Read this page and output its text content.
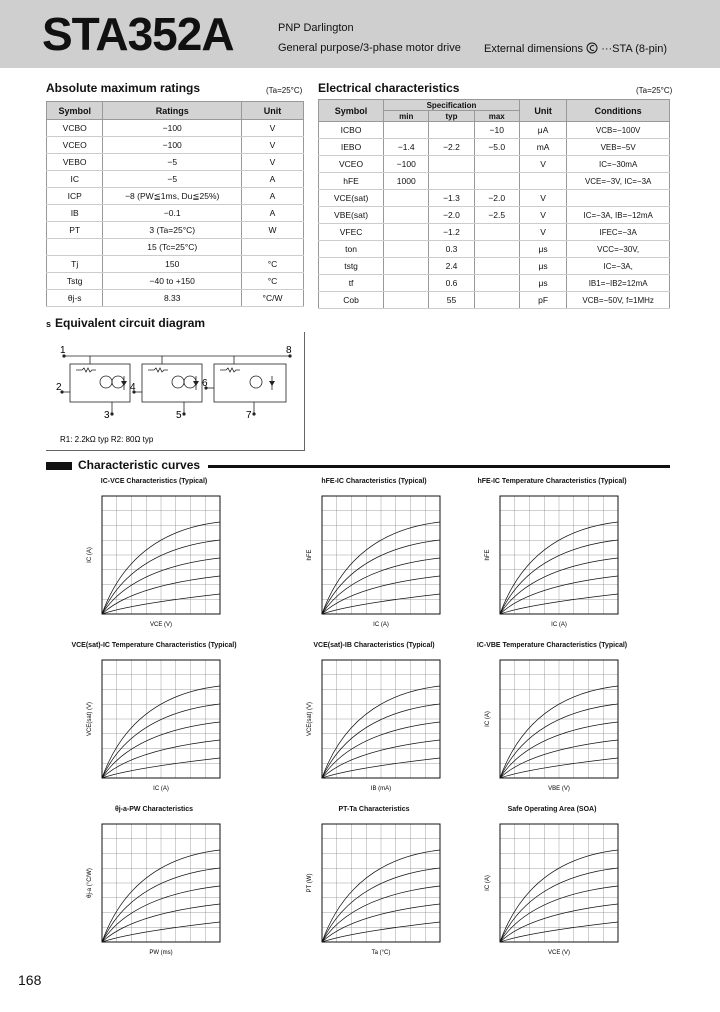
STA352A	PNP Darlington
General purpose/3-phase motor drive External dimensions ···STA (8-pin)
Absolute maximum ratings	(Ta=25°C)
Symbol	Ratings	Unit
VCBO	−100	V
VCEO	−100	V
VEBO	−5	V
IC	−5	A
ICP	−8 (PW≦1ms, Du≦25%)	A
IB	−0.1	A
PT	3 (Ta=25°C)	W
	15 (Tc=25°C)	
Tj	150	°C
Tstg	−40 to +150	°C
θj-s	8.33	°C/W
Electrical characteristics	(Ta=25°C)
Symbol	Specification			Unit	Conditions
	min	typ	max		
ICBO			−10	μA	VCB=−100V
IEBO	−1.4	−2.2	−5.0	mA	VEB=−5V
VCEO	−100			V	IC=−30mA
hFE	1000				VCE=−3V, IC=−3A
VCE(sat)		−1.3	−2.0	V	
VBE(sat)		−2.0	−2.5	V	IC=−3A, IB=−12mA
VFEC		−1.2		V	IFEC=−3A
ton		0.3		μs	VCC=−30V,
tstg		2.4		μs	IC=−3A,
tf		0.6		μs	IB1=−IB2=12mA
Cob		55		pF	VCB=−50V, f=1MHz
s Equivalent circuit diagram
1
2
3
4
5
6
7
8
R1: 2.2kΩ typ R2: 80Ω typ
Characteristic curves
IC-VCE Characteristics (Typical)
VCE (V)
IC (A)
hFE-IC Characteristics (Typical)
IC (A)
hFE
hFE-IC Temperature Characteristics (Typical)
IC (A)
hFE
VCE(sat)-IC Temperature Characteristics (Typical)
IC (A)
VCE(sat) (V)
VCE(sat)-IB Characteristics (Typical)
IB (mA)
VCE(sat) (V)
IC-VBE Temperature Characteristics (Typical)
VBE (V)
IC (A)
θj-a-PW Characteristics
PW (ms)
θj-a (°C/W)
PT-Ta Characteristics
Ta (°C)
PT (W)
Safe Operating Area (SOA)
VCE (V)
IC (A)
168
